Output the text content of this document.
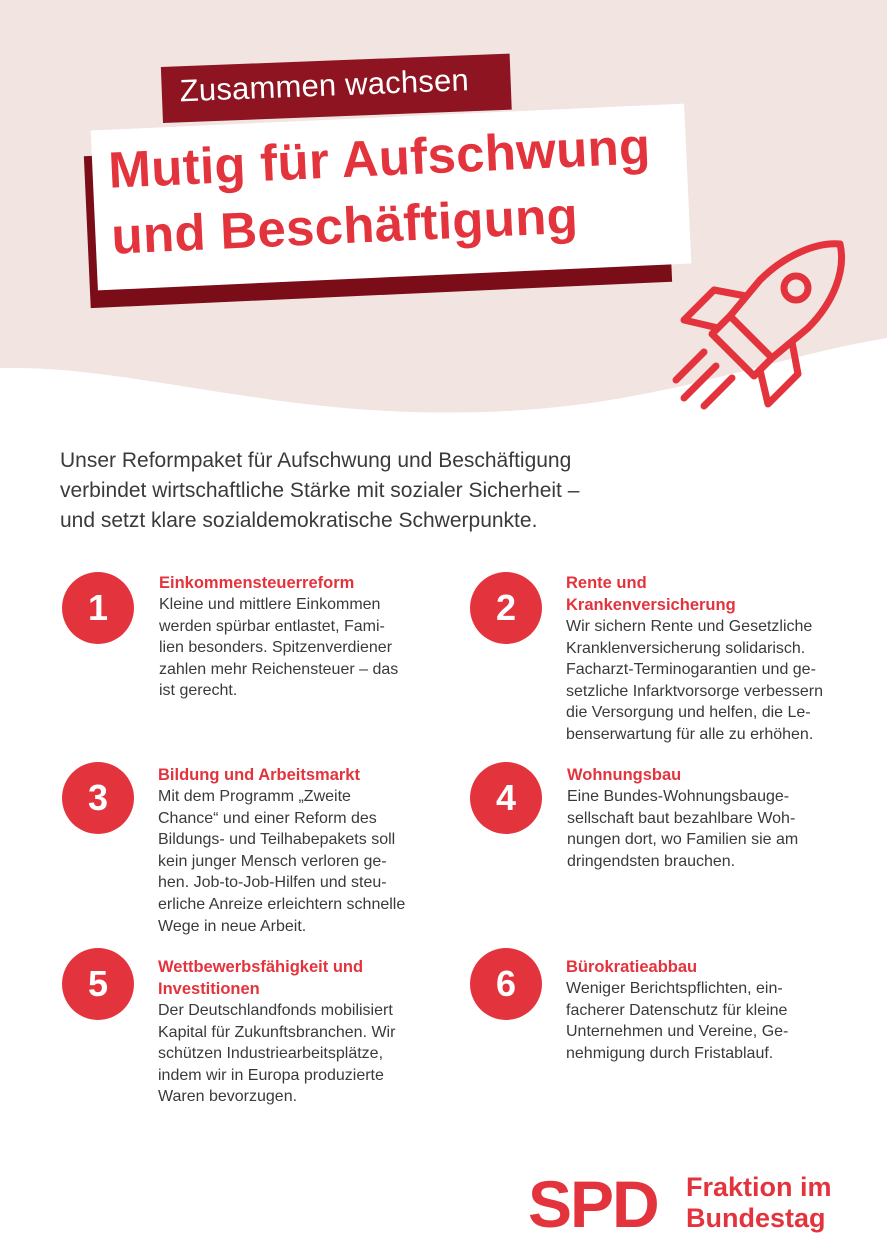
Zusammen wachsen
Mutig für Aufschwung
und Beschäftigung
Unser Reformpaket für Aufschwung und Beschäftigung
verbindet wirtschaftliche Stärke mit sozialer Sicherheit –
und setzt klare sozialdemokratische Schwerpunkte.
1
Einkommensteuerreform
Kleine und mittlere Einkommen
werden spürbar entlastet, Fami-
lien besonders. Spitzenverdiener
zahlen mehr Reichensteuer – das
ist gerecht.
2
Rente und
Krankenversicherung
Wir sichern Rente und Gesetzliche
Kranklenversicherung solidarisch.
Facharzt-Terminogarantien und ge-
setzliche Infarktvorsorge verbessern
die Versorgung und helfen, die Le-
benserwartung für alle zu erhöhen.
3
Bildung und Arbeitsmarkt
Mit dem Programm „Zweite
Chance“ und einer Reform des
Bildungs- und Teilhabepakets soll
kein junger Mensch verloren ge-
hen. Job-to-Job-Hilfen und steu-
erliche Anreize erleichtern schnelle
Wege in neue Arbeit.
4
Wohnungsbau
Eine Bundes-Wohnungsbauge-
sellschaft baut bezahlbare Woh-
nungen dort, wo Familien sie am
dringendsten brauchen.
5	Wettbewerbsfähigkeit und
Investitionen
Der Deutschlandfonds mobilisiert
Kapital für Zukunftsbranchen. Wir
schützen Industriearbeitsplätze,
indem wir in Europa produzierte
Waren bevorzugen.
6	Bürokratieabbau
Weniger Berichtspflichten, ein-
facherer Datenschutz für kleine
Unternehmen und Vereine, Ge-
nehmigung durch Fristablauf.
SPD Fraktion im
Bundestag
